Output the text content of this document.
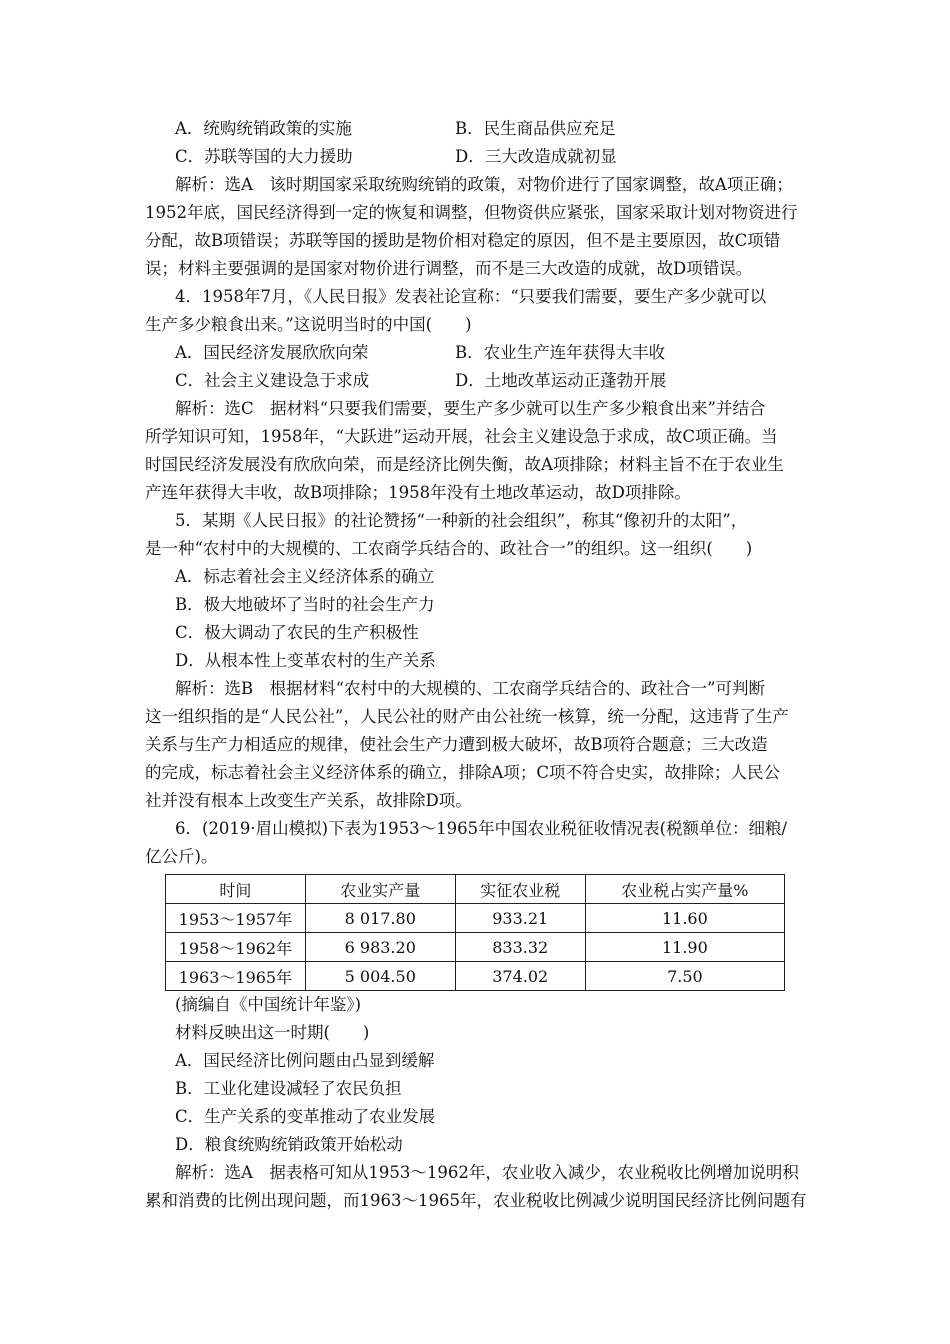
A．统购统销政策的实施	B．民生商品供应充足
C．苏联等国的大力援助	D．三大改造成就初显
解析：选A　该时期国家采取统购统销的政策，对物价进行了国家调整，故A项正确；
1952年底，国民经济得到一定的恢复和调整，但物资供应紧张，国家采取计划对物资进行
分配，故B项错误；苏联等国的援助是物价相对稳定的原因，但不是主要原因，故C项错
误；材料主要强调的是国家对物价进行调整，而不是三大改造的成就，故D项错误。
4．1958年7月，《人民日报》发表社论宣称：“只要我们需要，要生产多少就可以
生产多少粮食出来。”这说明当时的中国(　　)
A．国民经济发展欣欣向荣	B．农业生产连年获得大丰收
C．社会主义建设急于求成	D．土地改革运动正蓬勃开展
解析：选C　据材料“只要我们需要，要生产多少就可以生产多少粮食出来”并结合
所学知识可知，1958年，“大跃进”运动开展，社会主义建设急于求成，故C项正确。当
时国民经济发展没有欣欣向荣，而是经济比例失衡，故A项排除；材料主旨不在于农业生
产连年获得大丰收，故B项排除；1958年没有土地改革运动，故D项排除。
5．某期《人民日报》的社论赞扬“一种新的社会组织”，称其“像初升的太阳”，
是一种“农村中的大规模的、工农商学兵结合的、政社合一”的组织。这一组织(　　)
A．标志着社会主义经济体系的确立
B．极大地破坏了当时的社会生产力
C．极大调动了农民的生产积极性
D．从根本性上变革农村的生产关系
解析：选B　根据材料“农村中的大规模的、工农商学兵结合的、政社合一”可判断
这一组织指的是“人民公社”，人民公社的财产由公社统一核算，统一分配，这违背了生产
关系与生产力相适应的规律，使社会生产力遭到极大破坏，故B项符合题意；三大改造
的完成，标志着社会主义经济体系的确立，排除A项；C项不符合史实，故排除；人民公
社并没有根本上改变生产关系，故排除D项。
6．(2019·眉山模拟)下表为1953～1965年中国农业税征收情况表(税额单位：细粮/
亿公斤)。
时间	农业实产量	实征农业税	农业税占实产量%
1953～1957年	8 017.80	933.21	11.60
1958～1962年	6 983.20	833.32	11.90
1963～1965年	5 004.50	374.02	7.50
(摘编自《中国统计年鉴》)
材料反映出这一时期(　　)
A．国民经济比例问题由凸显到缓解
B．工业化建设减轻了农民负担
C．生产关系的变革推动了农业发展
D．粮食统购统销政策开始松动
解析：选A　据表格可知从1953～1962年，农业收入减少，农业税收比例增加说明积
累和消费的比例出现问题，而1963～1965年，农业税收比例减少说明国民经济比例问题有
